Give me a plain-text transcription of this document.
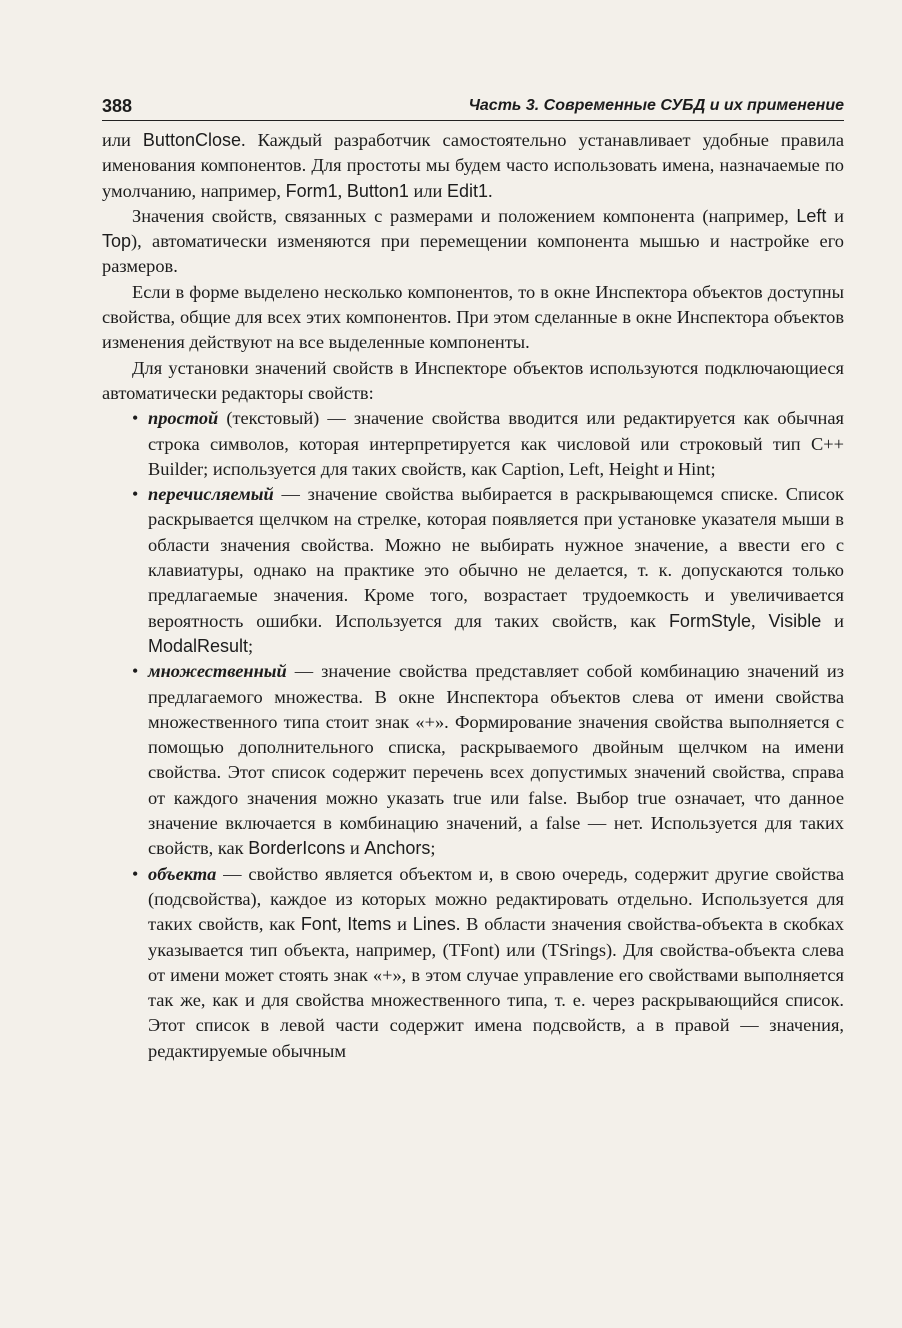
388	Часть 3. Современные СУБД и их применение

или ButtonClose. Каждый разработчик самостоятельно устанавливает удобные правила именования компонентов. Для простоты мы будем часто использовать имена, назначаемые по умолчанию, например, Form1, Button1 или Edit1.

Значения свойств, связанных с размерами и положением компонента (например, Left и Top), автоматически изменяются при перемещении компонента мышью и настройке его размеров.

Если в форме выделено несколько компонентов, то в окне Инспектора объектов доступны свойства, общие для всех этих компонентов. При этом сделанные в окне Инспектора объектов изменения действуют на все выделенные компоненты.

Для установки значений свойств в Инспекторе объектов используются подключающиеся автоматически редакторы свойств:

• простой (текстовый) — значение свойства вводится или редактируется как обычная строка символов, которая интерпретируется как числовой или строковый тип C++ Builder; используется для таких свойств, как Caption, Left, Height и Hint;
• перечисляемый — значение свойства выбирается в раскрывающемся списке. Список раскрывается щелчком на стрелке, которая появляется при установке указателя мыши в области значения свойства. Можно не выбирать нужное значение, а ввести его с клавиатуры, однако на практике это обычно не делается, т. к. допускаются только предлагаемые значения. Кроме того, возрастает трудоемкость и увеличивается вероятность ошибки. Используется для таких свойств, как FormStyle, Visible и ModalResult;
• множественный — значение свойства представляет собой комбинацию значений из предлагаемого множества. В окне Инспектора объектов слева от имени свойства множественного типа стоит знак «+». Формирование значения свойства выполняется с помощью дополнительного списка, раскрываемого двойным щелчком на имени свойства. Этот список содержит перечень всех допустимых значений свойства, справа от каждого значения можно указать true или false. Выбор true означает, что данное значение включается в комбинацию значений, а false — нет. Используется для таких свойств, как BorderIcons и Anchors;
• объекта — свойство является объектом и, в свою очередь, содержит другие свойства (подсвойства), каждое из которых можно редактировать отдельно. Используется для таких свойств, как Font, Items и Lines. В области значения свойства-объекта в скобках указывается тип объекта, например, (TFont) или (TSrings). Для свойства-объекта слева от имени может стоять знак «+», в этом случае управление его свойствами выполняется так же, как и для свойства множественного типа, т. е. через раскрывающийся список. Этот список в левой части содержит имена подсвойств, а в правой — значения, редактируемые обычным
